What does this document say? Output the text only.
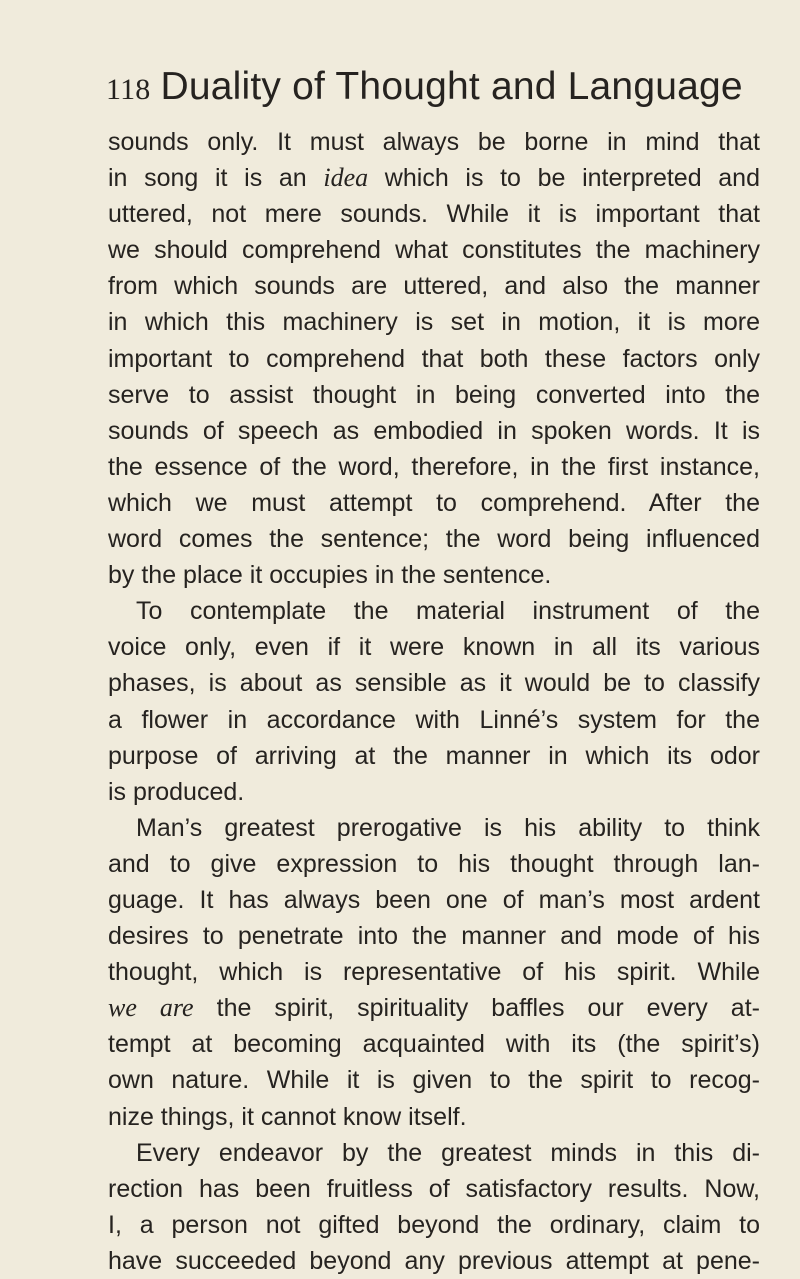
118 Duality of Thought and Language
sounds only. It must always be borne in mind that
in song it is an idea which is to be interpreted and
uttered, not mere sounds. While it is important that
we should comprehend what constitutes the machinery
from which sounds are uttered, and also the manner
in which this machinery is set in motion, it is more
important to comprehend that both these factors only
serve to assist thought in being converted into the
sounds of speech as embodied in spoken words. It is
the essence of the word, therefore, in the first instance,
which we must attempt to comprehend. After the
word comes the sentence; the word being influenced
by the place it occupies in the sentence.
To contemplate the material instrument of the
voice only, even if it were known in all its various
phases, is about as sensible as it would be to classify
a flower in accordance with Linné’s system for the
purpose of arriving at the manner in which its odor
is produced.
Man’s greatest prerogative is his ability to think
and to give expression to his thought through lan-
guage. It has always been one of man’s most ardent
desires to penetrate into the manner and mode of his
thought, which is representative of his spirit. While
we are the spirit, spirituality baffles our every at-
tempt at becoming acquainted with its (the spirit’s)
own nature. While it is given to the spirit to recog-
nize things, it cannot know itself.
Every endeavor by the greatest minds in this di-
rection has been fruitless of satisfactory results. Now,
I, a person not gifted beyond the ordinary, claim to
have succeeded beyond any previous attempt at pene-
